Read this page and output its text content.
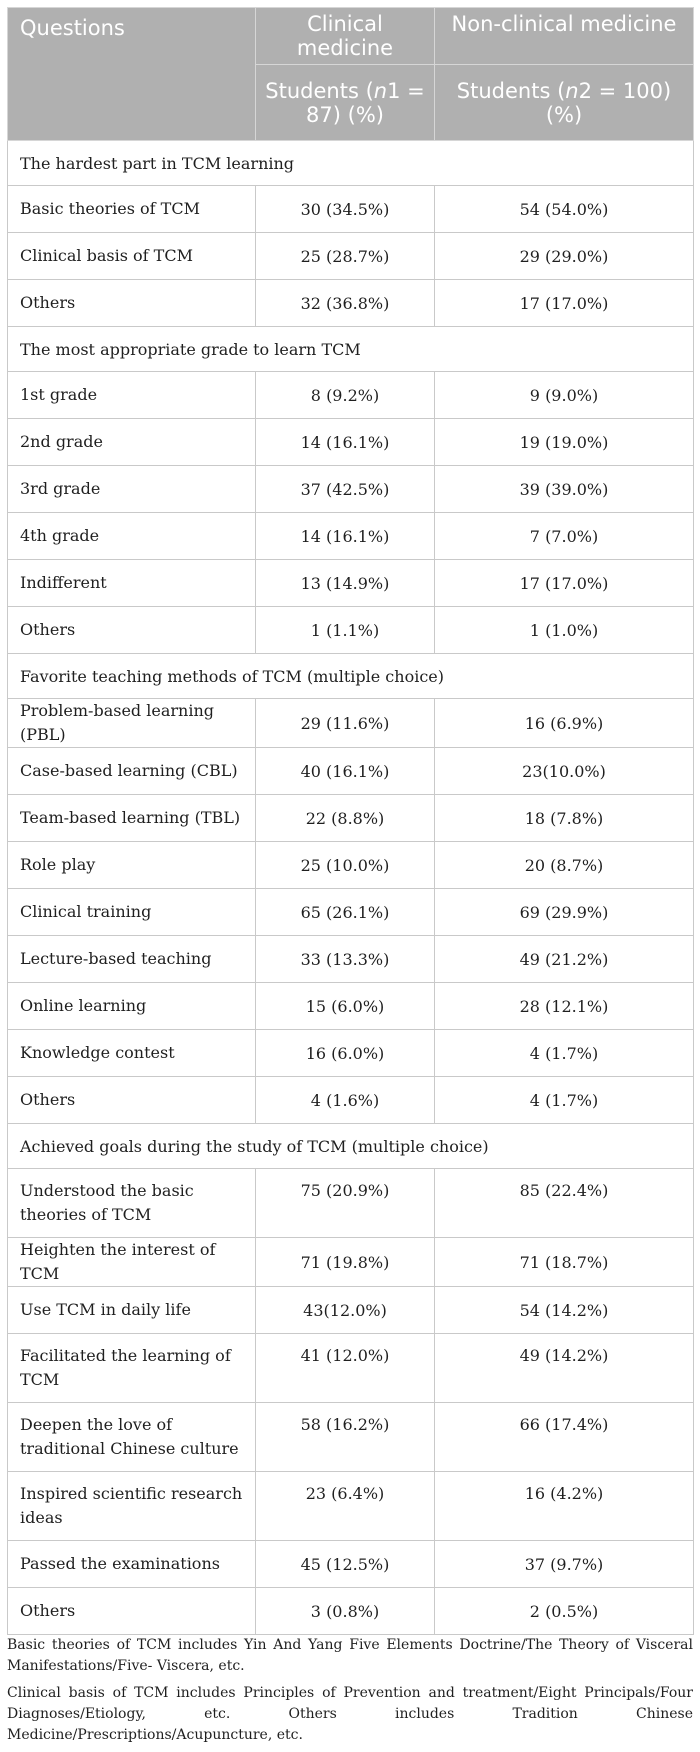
Questions	Clinical medicine	Non-clinical medicine
	Students (n1 = 87) (%)	Students (n2 = 100) (%)
The hardest part in TCM learning		
Basic theories of TCM	30 (34.5%)	54 (54.0%)
Clinical basis of TCM	25 (28.7%)	29 (29.0%)
Others	32 (36.8%)	17 (17.0%)
The most appropriate grade to learn TCM		
1st grade	8 (9.2%)	9 (9.0%)
2nd grade	14 (16.1%)	19 (19.0%)
3rd grade	37 (42.5%)	39 (39.0%)
4th grade	14 (16.1%)	7 (7.0%)
Indifferent	13 (14.9%)	17 (17.0%)
Others	1 (1.1%)	1 (1.0%)
Favorite teaching methods of TCM (multiple choice)		
Problem-based learning (PBL)	29 (11.6%)	16 (6.9%)
Case-based learning (CBL)	40 (16.1%)	23(10.0%)
Team-based learning (TBL)	22 (8.8%)	18 (7.8%)
Role play	25 (10.0%)	20 (8.7%)
Clinical training	65 (26.1%)	69 (29.9%)
Lecture-based teaching	33 (13.3%)	49 (21.2%)
Online learning	15 (6.0%)	28 (12.1%)
Knowledge contest	16 (6.0%)	4 (1.7%)
Others	4 (1.6%)	4 (1.7%)
Achieved goals during the study of TCM (multiple choice)		
Understood the basic theories of TCM	75 (20.9%)	85 (22.4%)
Heighten the interest of TCM	71 (19.8%)	71 (18.7%)
Use TCM in daily life	43(12.0%)	54 (14.2%)
Facilitated the learning of TCM	41 (12.0%)	49 (14.2%)
Deepen the love of traditional Chinese culture	58 (16.2%)	66 (17.4%)
Inspired scientific research ideas	23 (6.4%)	16 (4.2%)
Passed the examinations	45 (12.5%)	37 (9.7%)
Others	3 (0.8%)	2 (0.5%)

Basic theories of TCM includes Yin And Yang Five Elements Doctrine/The Theory of Visceral Manifestations/Five- Viscera, etc.

Clinical basis of TCM includes Principles of Prevention and treatment/Eight Principals/Four Diagnoses/Etiology, etc. Others includes Tradition Chinese Medicine/Prescriptions/Acupuncture, etc.
